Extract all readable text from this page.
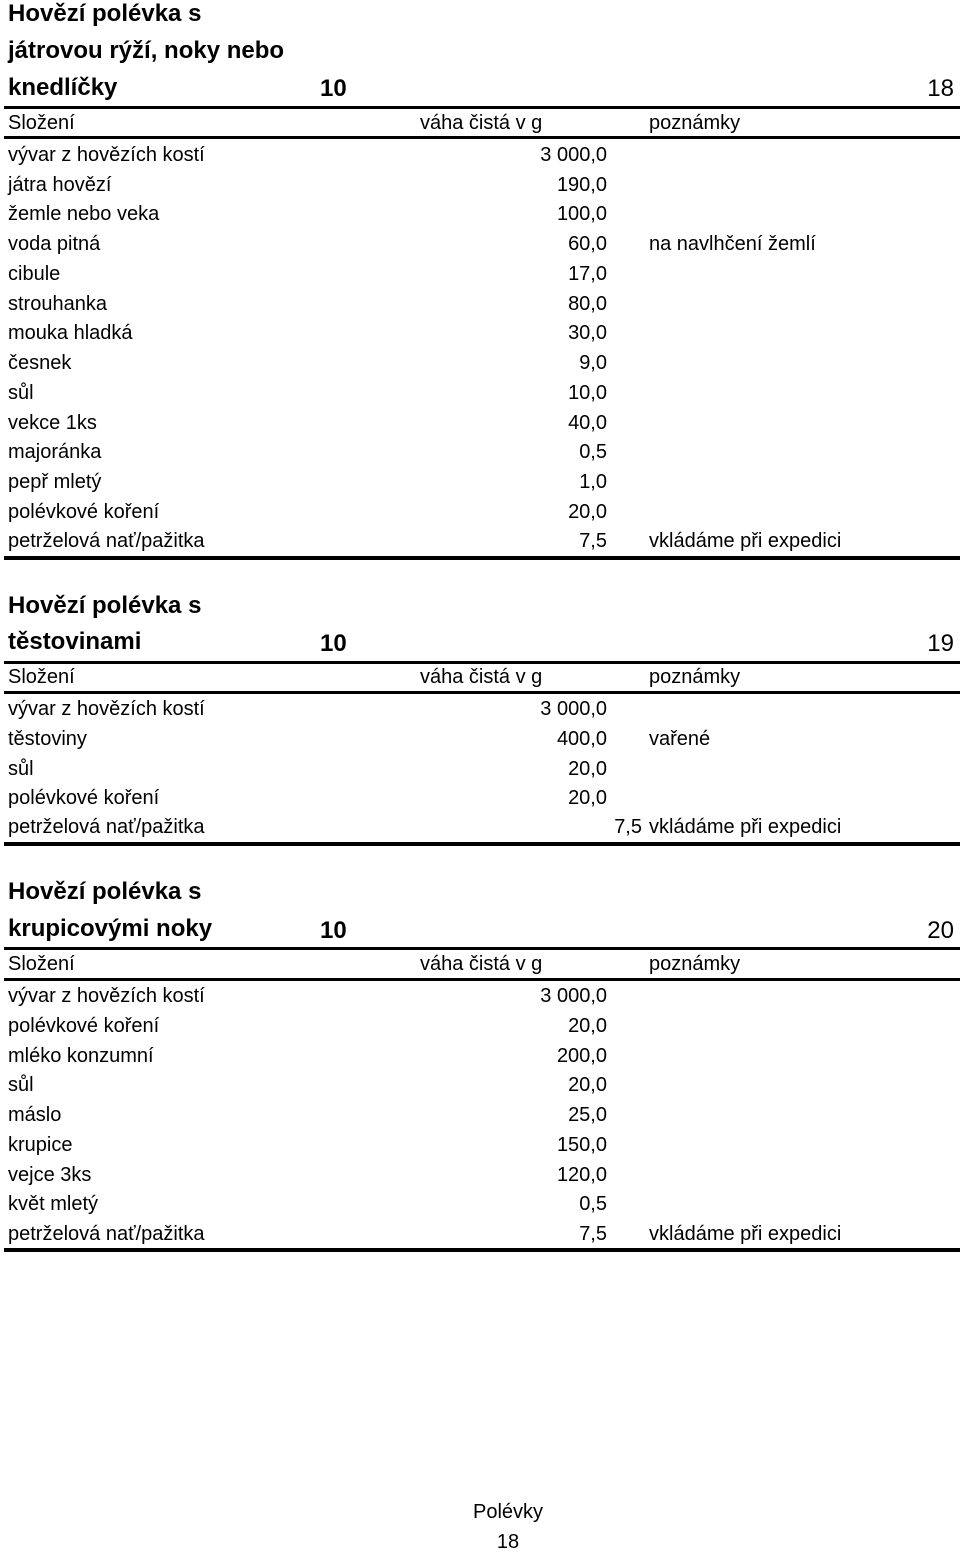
Hovězí polévka s
játrovou rýží, noky nebo
knedlíčky	10	18
Složení	váha čistá v g	poznámky
vývar z hovězích kostí	3 000,0
játra hovězí	190,0
žemle nebo veka	100,0
voda pitná	60,0 na navlhčení žemlí
cibule	17,0
strouhanka	80,0
mouka hladká	30,0
česnek	9,0
sůl	10,0
vekce 1ks	40,0
majoránka	0,5
pepř mletý	1,0
polévkové koření	20,0
petrželová nať/pažitka	7,5 vkládáme při expedici
Hovězí polévka s
těstovinami	10	19
Složení	váha čistá v g	poznámky
vývar z hovězích kostí	3 000,0
těstoviny	400,0 vařené
sůl	20,0
polévkové koření	20,0
petrželová nať/pažitka	7,5 vkládáme při expedici
Hovězí polévka s
krupicovými noky	10	20
Složení	váha čistá v g	poznámky
vývar z hovězích kostí	3 000,0
polévkové koření	20,0
mléko konzumní	200,0
sůl	20,0
máslo	25,0
krupice	150,0
vejce 3ks	120,0
květ mletý	0,5
petrželová nať/pažitka	7,5 vkládáme při expedici
Polévky
18
